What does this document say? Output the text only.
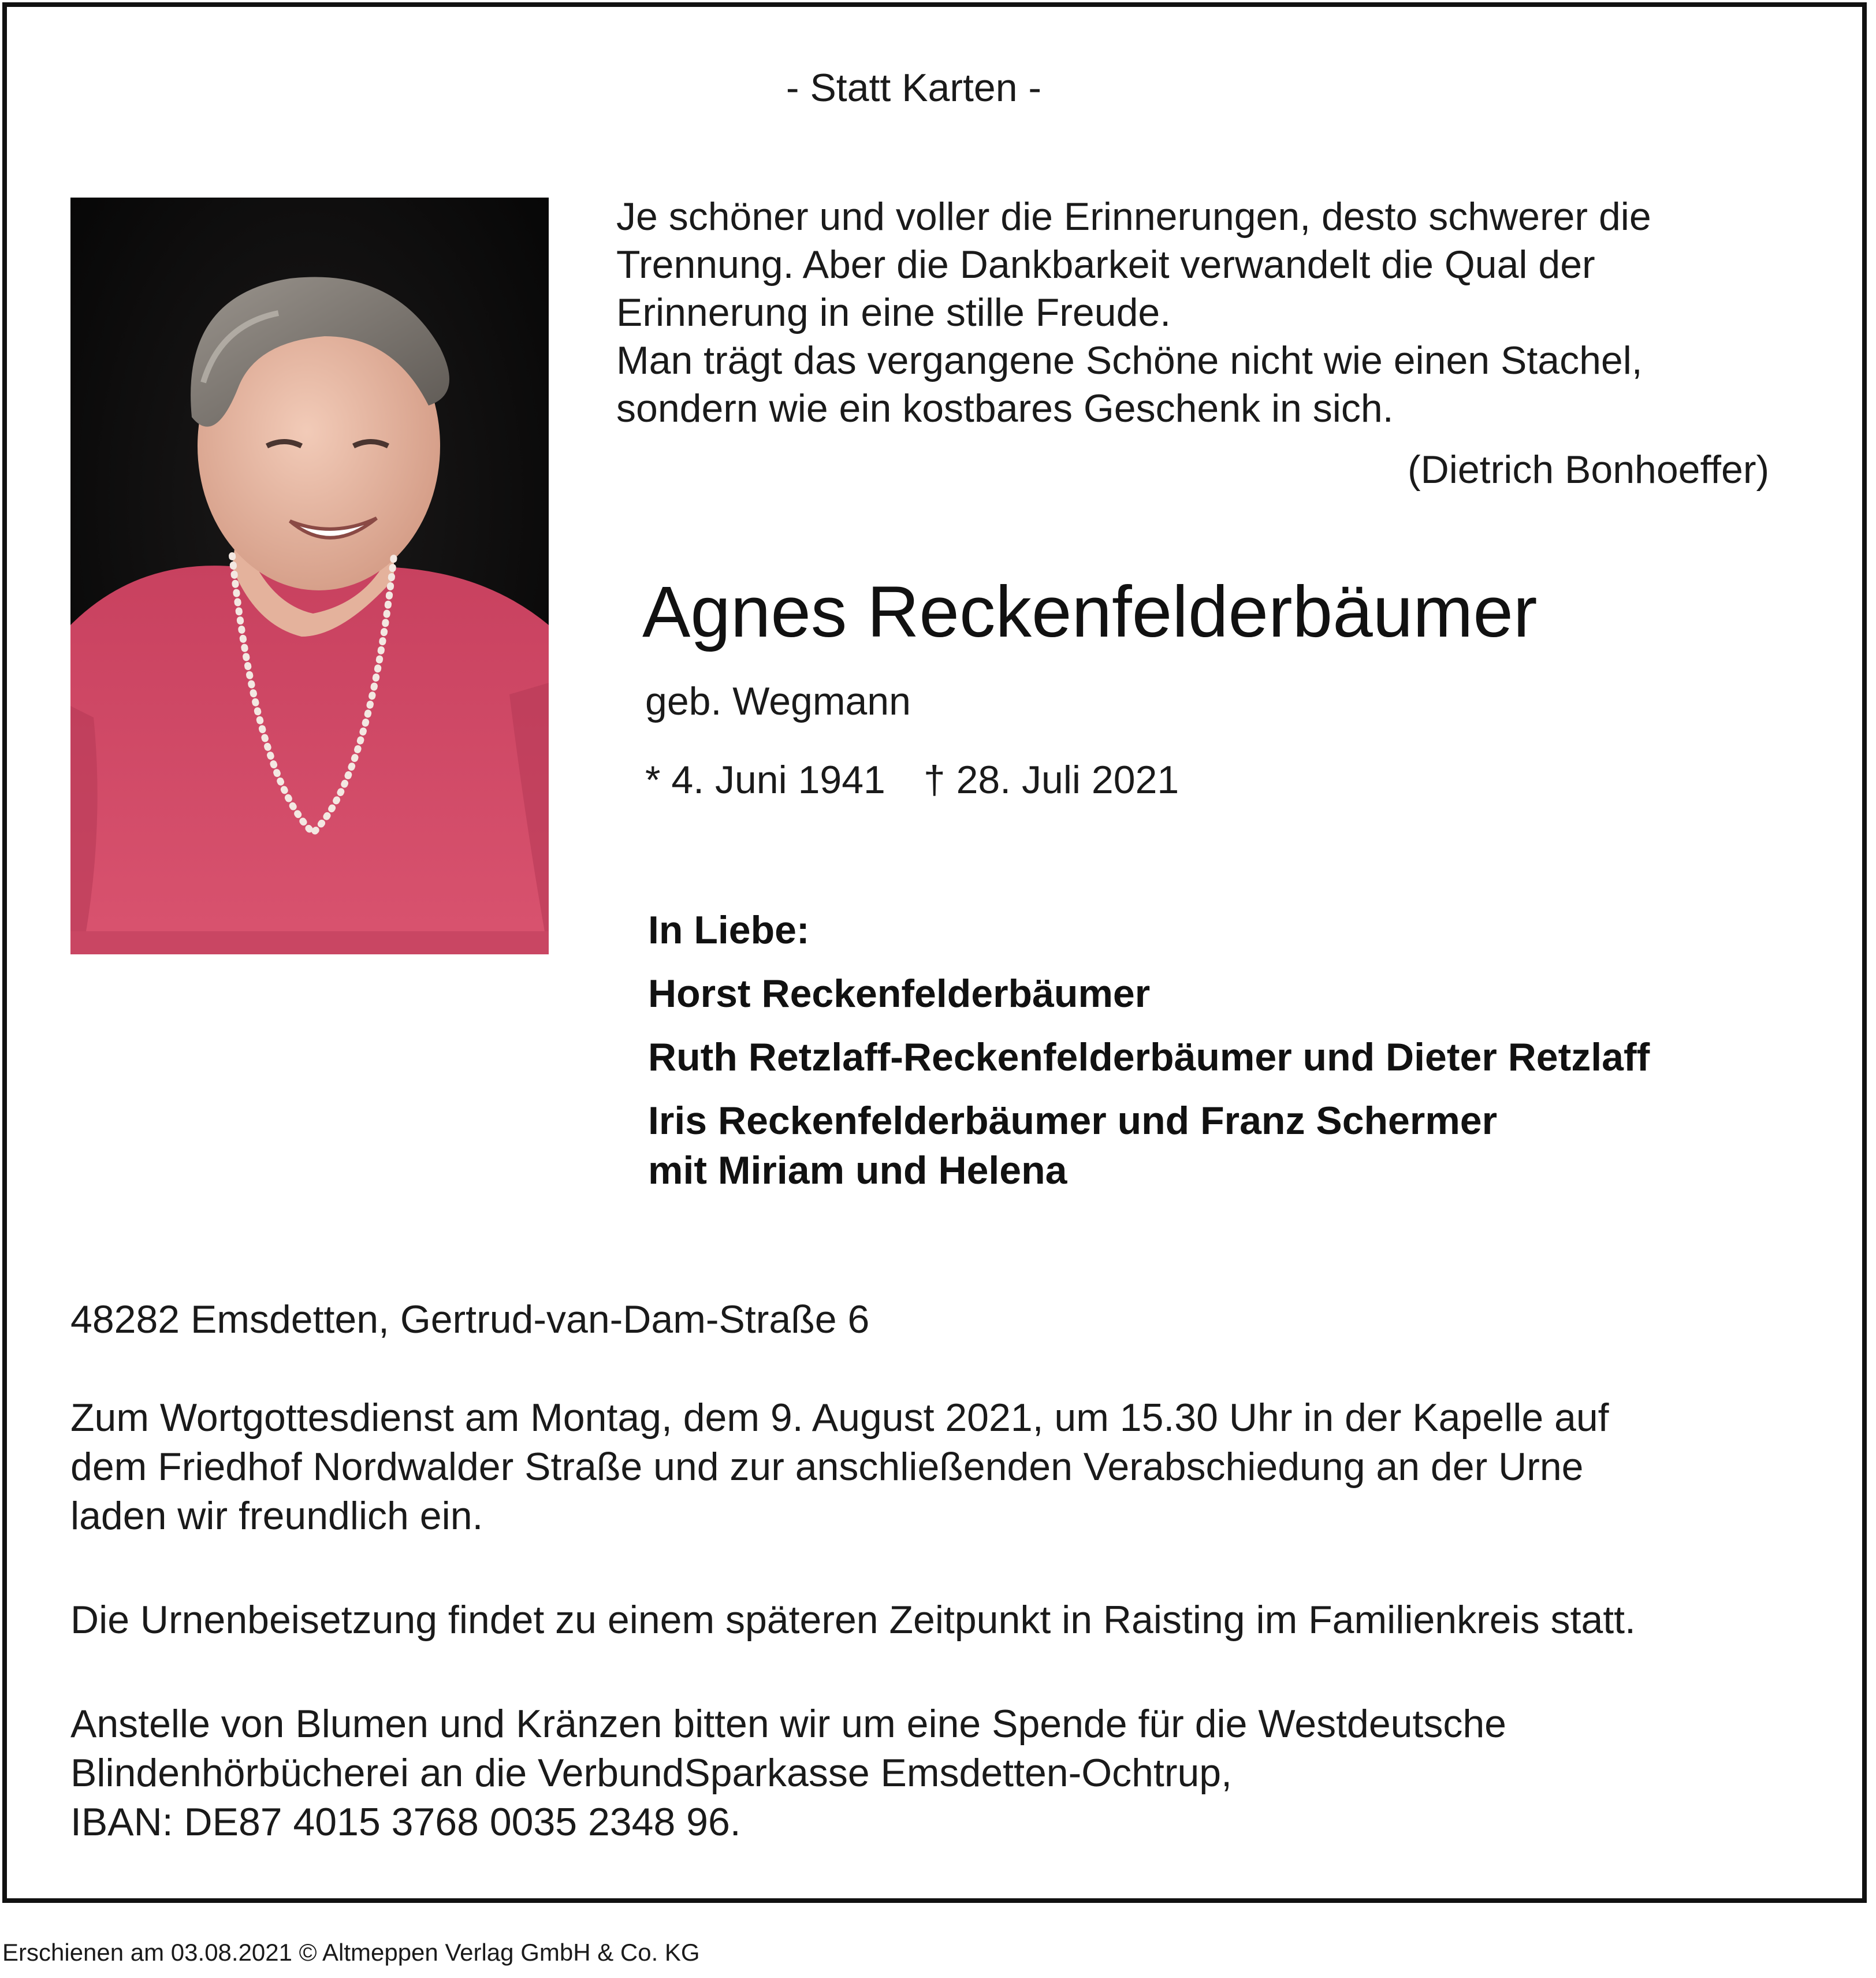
- Statt Karten -
Je schöner und voller die Erinnerungen, desto schwerer die
Trennung. Aber die Dankbarkeit verwandelt die Qual der
Erinnerung in eine stille Freude.
Man trägt das vergangene Schöne nicht wie einen Stachel,
sondern wie ein kostbares Geschenk in sich.
(Dietrich Bonhoeffer)
Agnes Reckenfelderbäumer
geb. Wegmann
* 4. Juni 1941 † 28. Juli 2021
In Liebe:
Horst Reckenfelderbäumer
Ruth Retzlaff-Reckenfelderbäumer und Dieter Retzlaff
Iris Reckenfelderbäumer und Franz Schermer
mit Miriam und Helena
48282 Emsdetten, Gertrud-van-Dam-Straße 6
Zum Wortgottesdienst am Montag, dem 9. August 2021, um 15.30 Uhr in der Kapelle auf
dem Friedhof Nordwalder Straße und zur anschließenden Verabschiedung an der Urne
laden wir freundlich ein.
Die Urnenbeisetzung findet zu einem späteren Zeitpunkt in Raisting im Familienkreis statt.
Anstelle von Blumen und Kränzen bitten wir um eine Spende für die Westdeutsche
Blindenhörbücherei an die VerbundSparkasse Emsdetten-Ochtrup,
IBAN: DE87 4015 3768 0035 2348 96.
Erschienen am 03.08.2021 © Altmeppen Verlag GmbH & Co. KG
